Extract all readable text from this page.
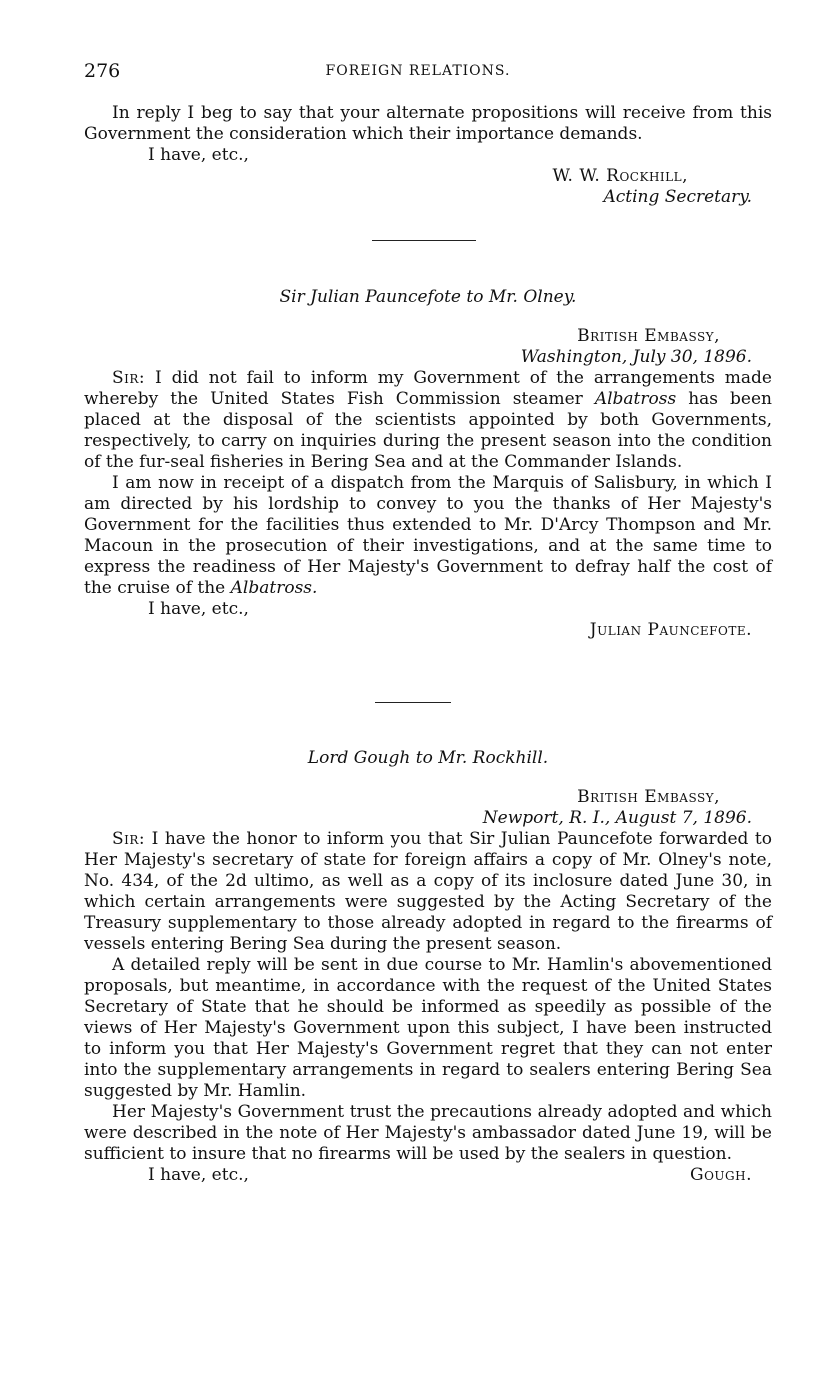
276	FOREIGN RELATIONS.

In reply I beg to say that your alternate propositions will receive from this Government the consideration which their importance demands.

I have, etc.,

W. W. Rockhill,

Acting Secretary.

Sir Julian Pauncefote to Mr. Olney.

British Embassy,

Washington, July 30, 1896.

Sir: I did not fail to inform my Government of the arrangements made whereby the United States Fish Commission steamer Albatross has been placed at the disposal of the scientists appointed by both Governments, respectively, to carry on inquiries during the present season into the condition of the fur-seal fisheries in Bering Sea and at the Commander Islands.

I am now in receipt of a dispatch from the Marquis of Salisbury, in which I am directed by his lordship to convey to you the thanks of Her Majesty's Government for the facilities thus extended to Mr. D'Arcy Thompson and Mr. Macoun in the prosecution of their investigations, and at the same time to express the readiness of Her Majesty's Government to defray half the cost of the cruise of the Albatross.

I have, etc.,

Julian Pauncefote.

Lord Gough to Mr. Rockhill.

British Embassy,

Newport, R. I., August 7, 1896.

Sir: I have the honor to inform you that Sir Julian Pauncefote forwarded to Her Majesty's secretary of state for foreign affairs a copy of Mr. Olney's note, No. 434, of the 2d ultimo, as well as a copy of its inclosure dated June 30, in which certain arrangements were suggested by the Acting Secretary of the Treasury supplementary to those already adopted in regard to the firearms of vessels entering Bering Sea during the present season.

A detailed reply will be sent in due course to Mr. Hamlin's abovementioned proposals, but meantime, in accordance with the request of the United States Secretary of State that he should be informed as speedily as possible of the views of Her Majesty's Government upon this subject, I have been instructed to inform you that Her Majesty's Government regret that they can not enter into the supplementary arrangements in regard to sealers entering Bering Sea suggested by Mr. Hamlin.

Her Majesty's Government trust the precautions already adopted and which were described in the note of Her Majesty's ambassador dated June 19, will be sufficient to insure that no firearms will be used by the sealers in question.

I have, etc.,	Gough.
